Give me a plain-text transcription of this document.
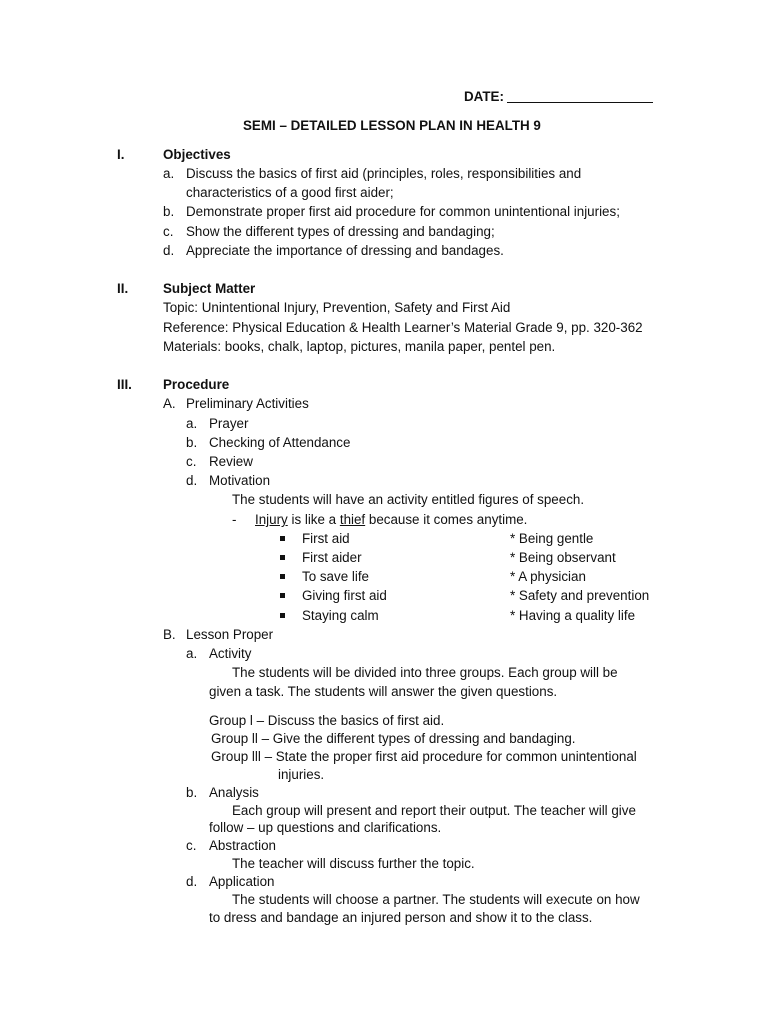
DATE:
SEMI – DETAILED LESSON PLAN IN HEALTH 9
I.	Objectives
a. Discuss the basics of first aid (principles, roles, responsibilities and
characteristics of a good first aider;
b. Demonstrate proper first aid procedure for common unintentional injuries;
c. Show the different types of dressing and bandaging;
d. Appreciate the importance of dressing and bandages.
II.	Subject Matter
Topic: Unintentional Injury, Prevention, Safety and First Aid
Reference: Physical Education & Health Learner’s Material Grade 9, pp. 320-362
Materials: books, chalk, laptop, pictures, manila paper, pentel pen.
III. Procedure
A. Preliminary Activities
a. Prayer
b. Checking of Attendance
c. Review
d. Motivation
The students will have an activity entitled figures of speech.
- Injury is like a thief because it comes anytime.
First aid	* Being gentle
First aider	* Being observant
To save life	* A physician
Giving first aid	* Safety and prevention
Staying calm	* Having a quality life
B. Lesson Proper
a. Activity
The students will be divided into three groups. Each group will be
given a task. The students will answer the given questions.
Group l – Discuss the basics of first aid.
Group ll – Give the different types of dressing and bandaging.
Group lll – State the proper first aid procedure for common unintentional
injuries.
b. Analysis
Each group will present and report their output. The teacher will give
follow – up questions and clarifications.
c. Abstraction
The teacher will discuss further the topic.
d. Application
The students will choose a partner. The students will execute on how
to dress and bandage an injured person and show it to the class.
